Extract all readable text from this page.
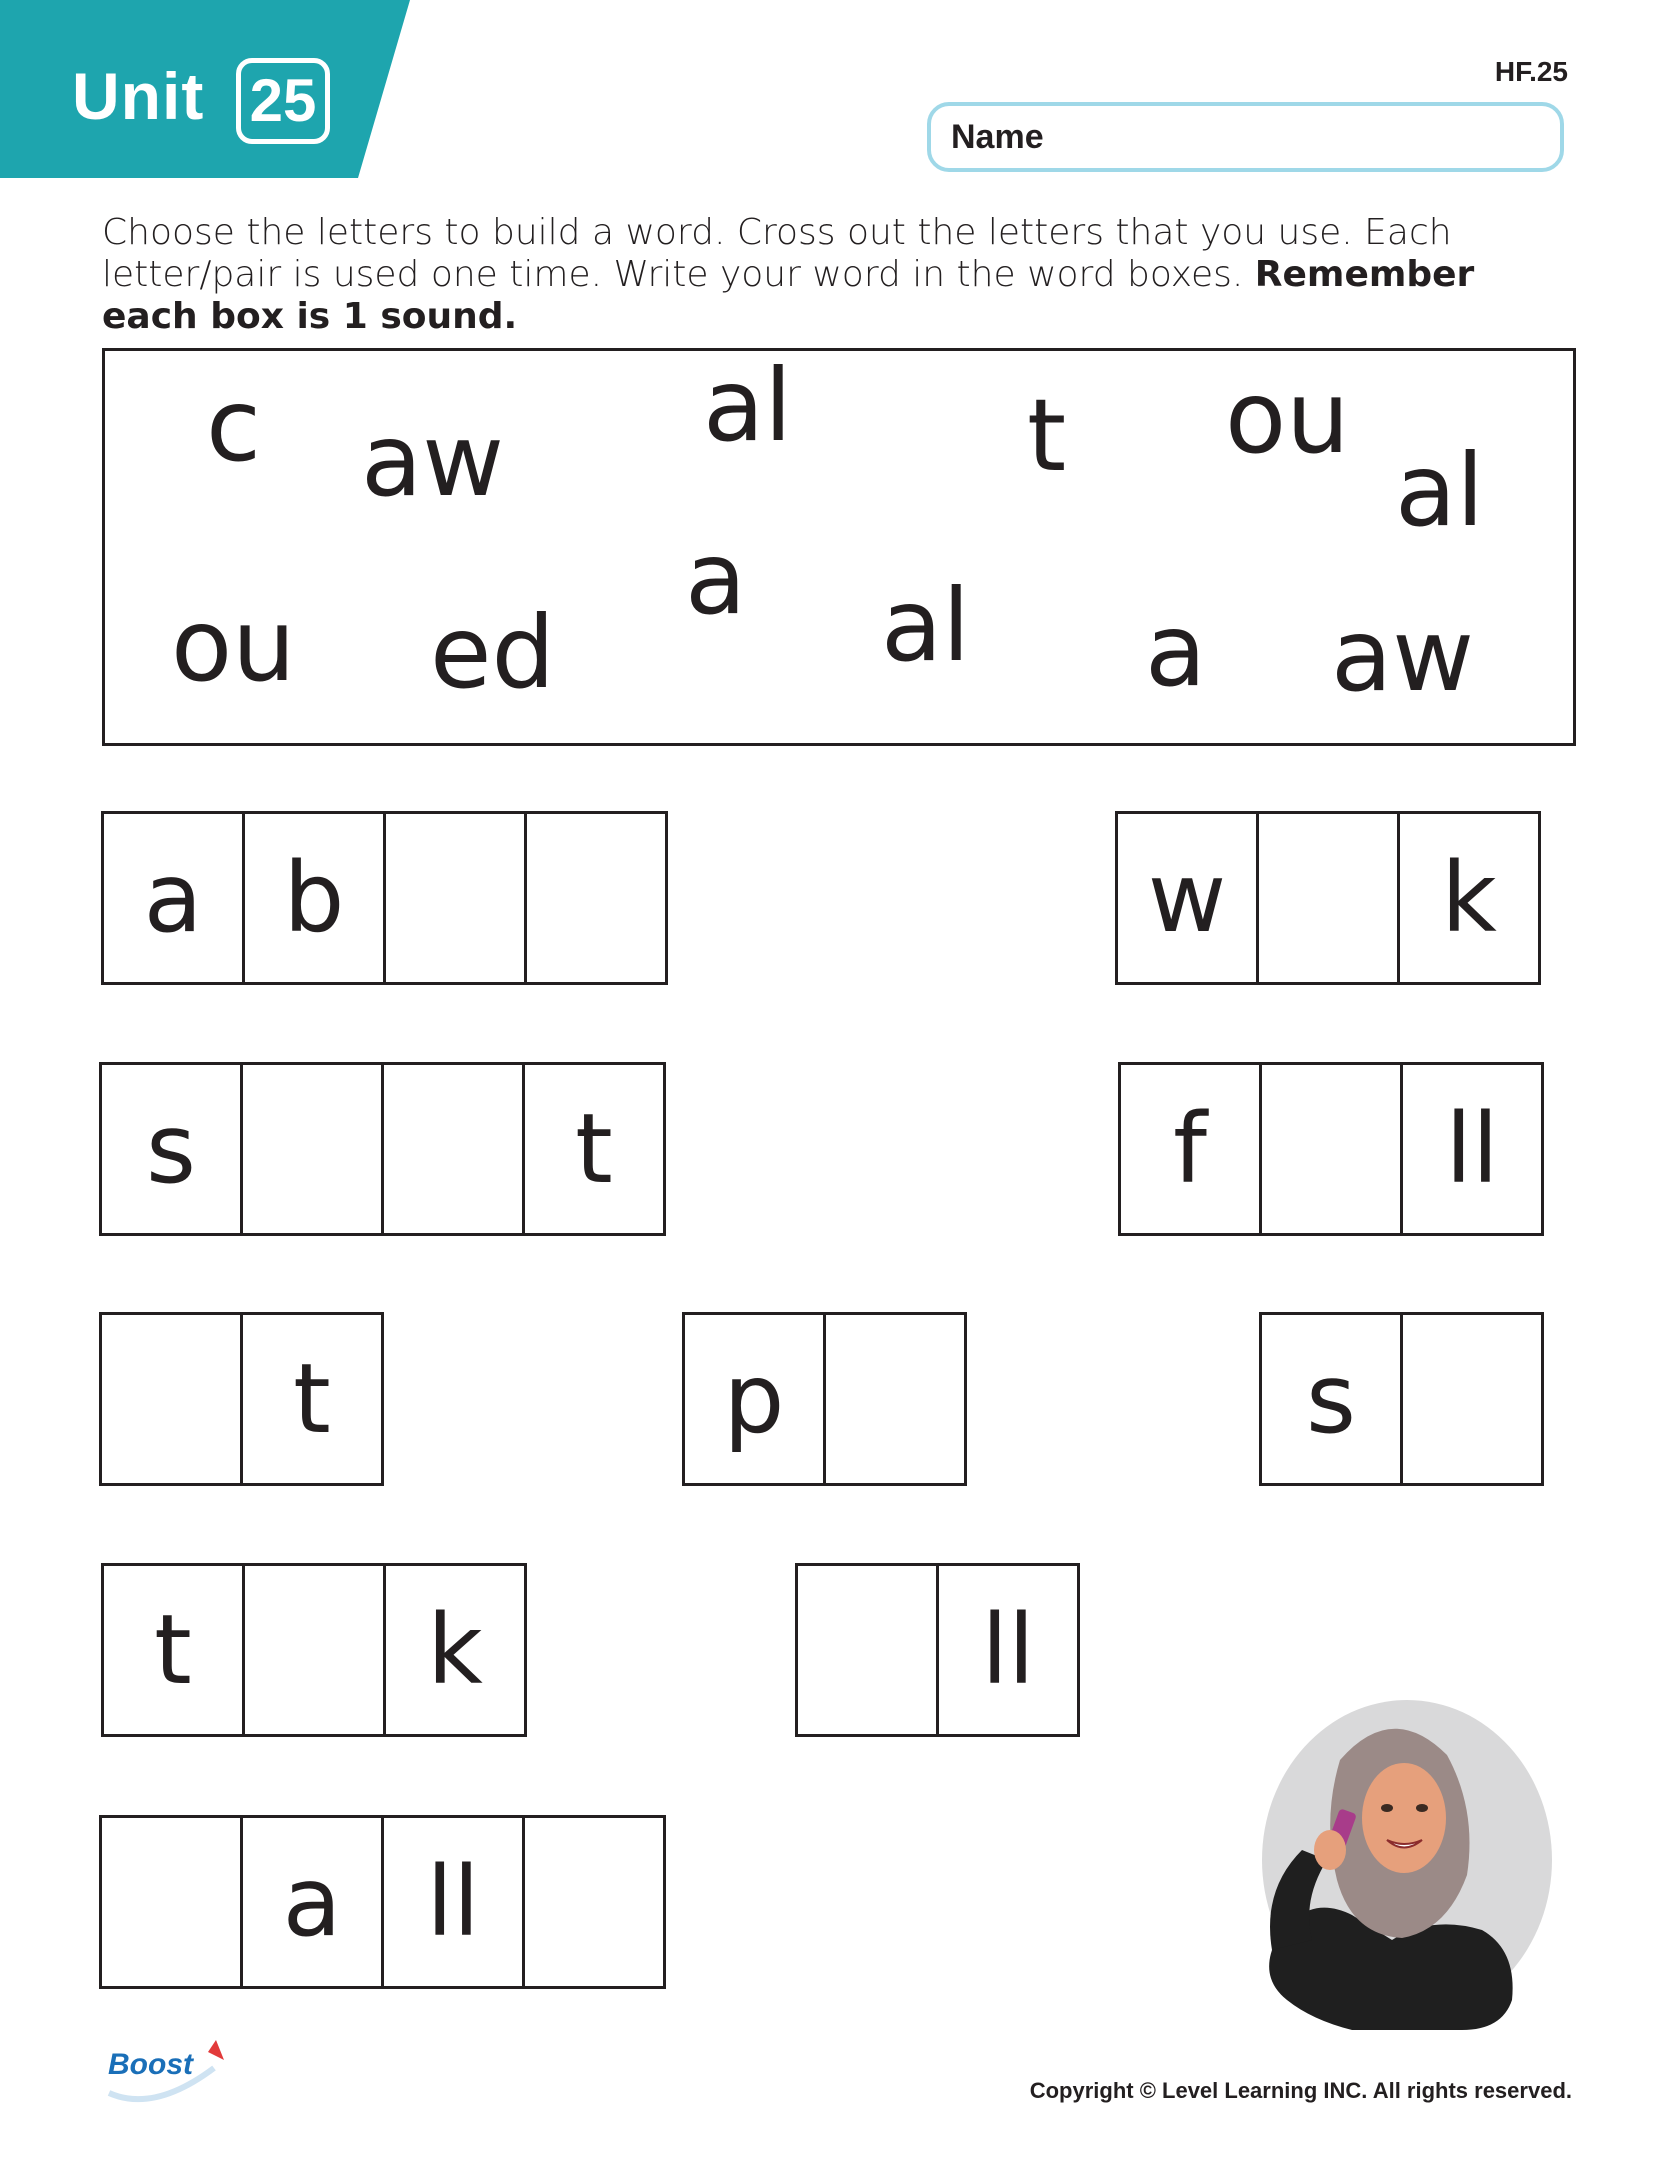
Unit 25	HF.25
Name
Choose the letters to build a word. Cross out the letters that you use. Each letter/pair is used one time. Write your word in the word boxes. Remember each box is 1 sound.
c aw al t ou
al
a
ou ed	al a aw
a b	w	k
s	t	f	ll
t	p	s
t	k	ll
a ll
Boost
Copyright © Level Learning INC. All rights reserved.
